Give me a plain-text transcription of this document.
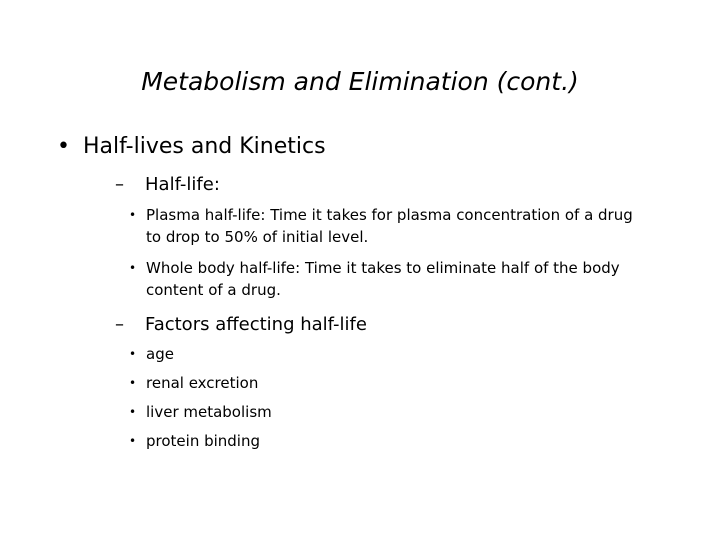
Metabolism and Elimination (cont.)
• Half-lives and Kinetics
– Half-life:
• Plasma half-life: Time it takes for plasma concentration of a drug to drop to 50% of initial level.
• Whole body half-life: Time it takes to eliminate half of the body content of a drug.
– Factors affecting half-life
• age
• renal excretion
• liver metabolism
• protein binding
